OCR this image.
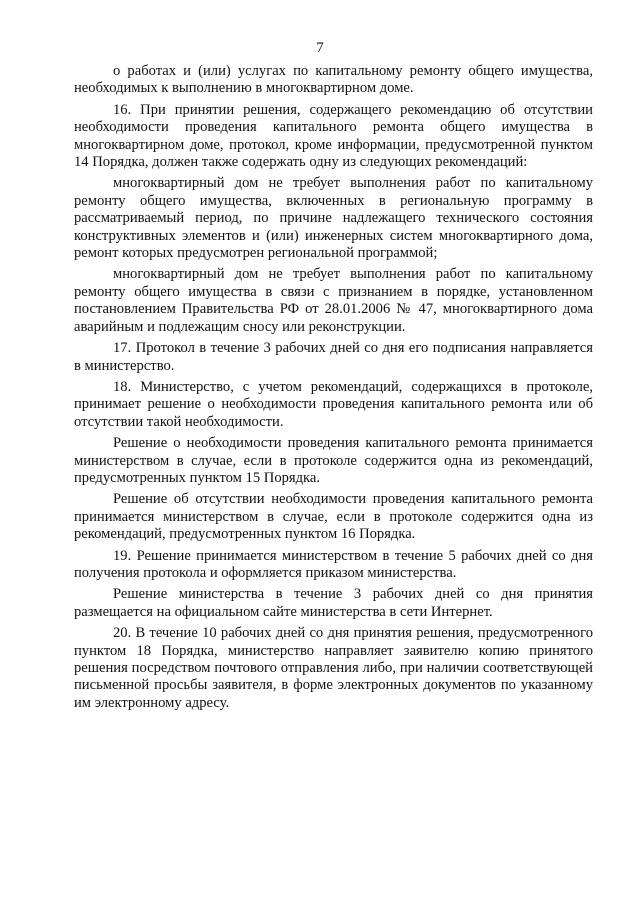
7

о работах и (или) услугах по капитальному ремонту общего имущества, необходимых к выполнению в многоквартирном доме.

16. При принятии решения, содержащего рекомендацию об отсутствии необходимости проведения капитального ремонта общего имущества в многоквартирном доме, протокол, кроме информации, предусмотренной пунктом 14 Порядка, должен также содержать одну из следующих рекомендаций:

многоквартирный дом не требует выполнения работ по капитальному ремонту общего имущества, включенных в региональную программу в рассматриваемый период, по причине надлежащего технического состояния конструктивных элементов и (или) инженерных систем многоквартирного дома, ремонт которых предусмотрен региональной программой;

многоквартирный дом не требует выполнения работ по капитальному ремонту общего имущества в связи с признанием в порядке, установленном постановлением Правительства РФ от 28.01.2006 № 47, многоквартирного дома аварийным и подлежащим сносу или реконструкции.

17. Протокол в течение 3 рабочих дней со дня его подписания направляется в министерство.

18. Министерство, с учетом рекомендаций, содержащихся в протоколе, принимает решение о необходимости проведения капитального ремонта или об отсутствии такой необходимости.

Решение о необходимости проведения капитального ремонта принимается министерством в случае, если в протоколе содержится одна из рекомендаций, предусмотренных пунктом 15 Порядка.

Решение об отсутствии необходимости проведения капитального ремонта принимается министерством в случае, если в протоколе содержится одна из рекомендаций, предусмотренных пунктом 16 Порядка.

19. Решение принимается министерством в течение 5 рабочих дней со дня получения протокола и оформляется приказом министерства.

Решение министерства в течение 3 рабочих дней со дня принятия размещается на официальном сайте министерства в сети Интернет.

20. В течение 10 рабочих дней со дня принятия решения, предусмотренного пунктом 18 Порядка, министерство направляет заявителю копию принятого решения посредством почтового отправления либо, при наличии соответствующей письменной просьбы заявителя, в форме электронных документов по указанному им электронному адресу.
